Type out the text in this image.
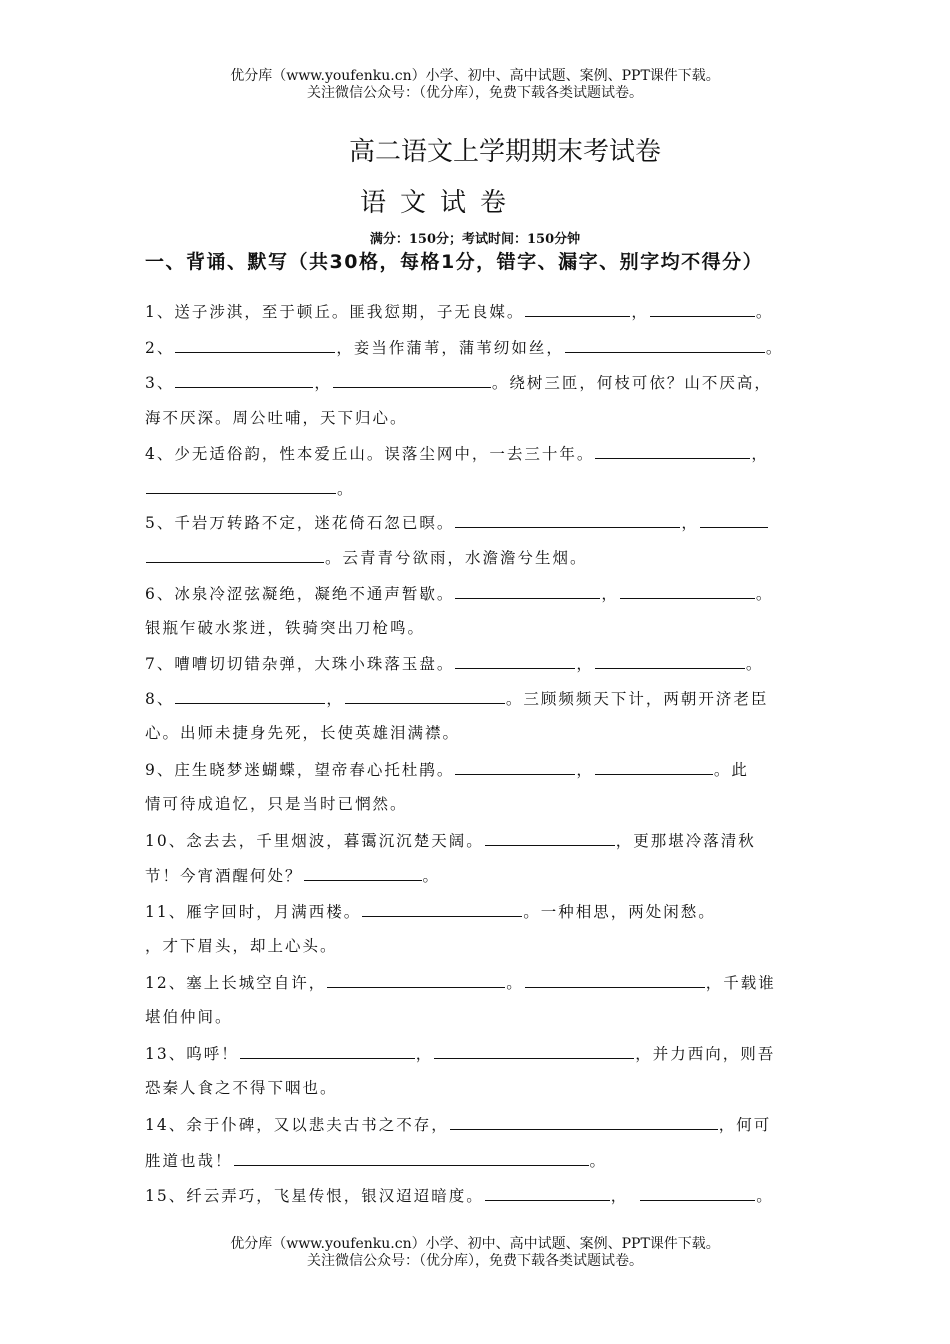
优分库（www.youfenku.cn）小学、初中、高中试题、案例、PPT课件下载。
关注微信公众号：（优分库），免费下载各类试题试卷。
高二语文上学期期末考试卷
语文试卷
满分：150分；考试时间：150分钟
一、背诵、默写（共30格，每格1分，错字、漏字、别字均不得分）
1、送子涉淇，至于顿丘。匪我愆期，子无良媒。	，	。
2、	，妾当作蒲苇，蒲苇纫如丝，	。
3、	，	。绕树三匝，何枝可依？山不厌高，
海不厌深。周公吐哺，天下归心。
4、少无适俗韵，性本爱丘山。误落尘网中，一去三十年。	，
。
5、千岩万转路不定，迷花倚石忽已暝。	，
。云青青兮欲雨，水澹澹兮生烟。
6、冰泉冷涩弦凝绝，凝绝不通声暂歇。	，	。
银瓶乍破水浆迸，铁骑突出刀枪鸣。
7、嘈嘈切切错杂弹，大珠小珠落玉盘。	，	。
8、	，	。三顾频频天下计，两朝开济老臣
心。出师未捷身先死，长使英雄泪满襟。
9、庄生晓梦迷蝴蝶，望帝春心托杜鹃。	，	。此
情可待成追忆，只是当时已惘然。
10、念去去，千里烟波，暮霭沉沉楚天阔。	，更那堪冷落清秋
节！今宵酒醒何处？	。
11、雁字回时，月满西楼。	。一种相思，两处闲愁。
，才下眉头，却上心头。
12、塞上长城空自许，	。	，千载谁
堪伯仲间。
13、呜呼！	，	，并力西向，则吾
恐秦人食之不得下咽也。
14、余于仆碑，又以悲夫古书之不存，	，何可
胜道也哉！	。
15、纤云弄巧，飞星传恨，银汉迢迢暗度。	，	。
优分库（www.youfenku.cn）小学、初中、高中试题、案例、PPT课件下载。
关注微信公众号：（优分库），免费下载各类试题试卷。
